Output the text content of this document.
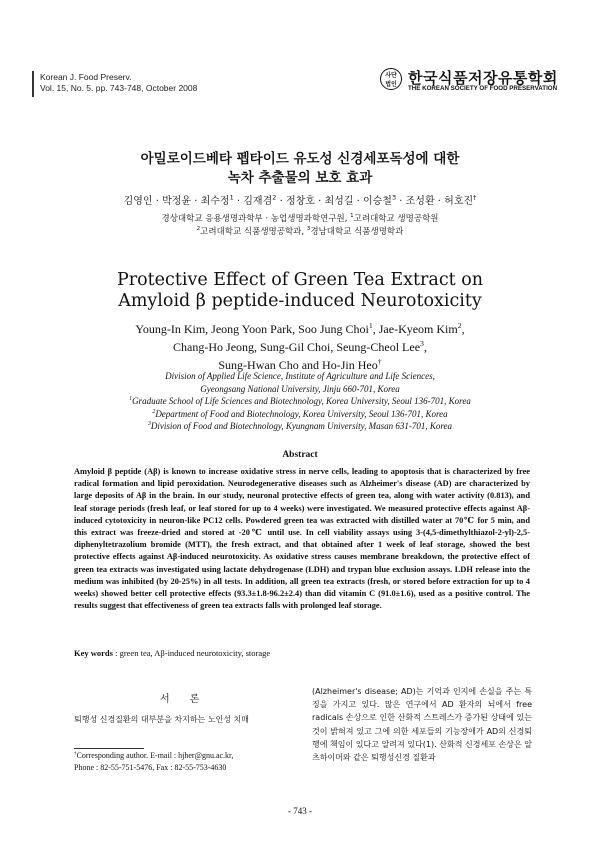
Korean J. Food Preserv.
Vol. 15, No. 5. pp. 743-748, October 2008
사단
법인 한국식품저장유통학회
THE KOREAN SOCIETY OF FOOD PRESERVATION
아밀로이드베타 펩타이드 유도성 신경세포독성에 대한
녹차 추출물의 보호 효과
김영인 · 박정윤 · 최수정$^1$ · 김재겸$^2$ · 정창호 · 최성길 · 이승철$^3$ · 조성환 · 허호진†
경상대학교 응용생명과학부 · 농업생명과학연구원, $^1$고려대학교 생명공학원
$^2$고려대학교 식품생명공학과, $^3$경남대학교 식품생명학과
Protective Effect of Green Tea Extract on
Amyloid β peptide-induced Neurotoxicity
Young-In Kim, Jeong Yoon Park, Soo Jung Choi$^1$, Jae-Kyeom Kim$^2$,
Chang-Ho Jeong, Sung-Gil Choi, Seung-Cheol Lee$^3$,
Sung-Hwan Cho and Ho-Jin Heo†
Division of Applied Life Science, Institute of Agriculture and Life Sciences,
Gyeongsang National University, Jinju 660-701, Korea
$^1$Graduate School of Life Sciences and Biotechnology, Korea University, Seoul 136-701, Korea
$^2$Department of Food and Biotechnology, Korea University, Seoul 136-701, Korea
$^3$Division of Food and Biotechnology, Kyungnam University, Masan 631-701, Korea
Abstract
Amyloid β peptide (Aβ) is known to increase oxidative stress in nerve cells, leading to apoptosis that is characterized by free radical formation and lipid peroxidation. Neurodegenerative diseases such as Alzheimer's disease (AD) are characterized by large deposits of Aβ in the brain. In our study, neuronal protective effects of green tea, along with water activity (0.813), and leaf storage periods (fresh leaf, or leaf stored for up to 4 weeks) were investigated. We measured protective effects against Aβ-induced cytotoxicity in neuron-like PC12 cells. Powdered green tea was extracted with distilled water at 70℃ for 5 min, and this extract was freeze-dried and stored at -20℃ until use. In cell viability assays using 3-(4,5-dimethylthiazol-2-yl)-2,5-diphenyltetrazolium bromide (MTT), the fresh extract, and that obtained after 1 week of leaf storage, showed the best protective effects against Aβ-induced neurotoxicity. As oxidative stress causes membrane breakdown, the protective effect of green tea extracts was investigated using lactate dehydrogenase (LDH) and trypan blue exclusion assays. LDH release into the medium was inhibited (by 20-25%) in all tests. In addition, all green tea extracts (fresh, or stored before extraction for up to 4 weeks) showed better cell protective effects (93.3±1.8-96.2±2.4) than did vitamin C (91.0±1.6), used as a positive control. The results suggest that effectiveness of green tea extracts falls with prolonged leaf storage.
Key words : green tea, Aβ-induced neurotoxicity, storage
서론
퇴행성 신경질환의 대부분을 차지하는 노인성 치매
(Alzheimer's disease; AD)는 기억과 인지에 손실을 주는 특징을 가지고 있다. 많은 연구에서 AD 환자의 뇌에서 free radicals 손상으로 인한 산화적 스트레스가 증가된 상태에 있는 것이 밝혀져 있고 그에 의한 세포들의 기능장애가 AD의 신경퇴행에 책임이 있다고 알려져 있다(1). 산화적 신경세포 손상은 알츠하이머와 같은 퇴행성신경 질환과
†Corresponding author. E-mail : hjher@gnu.ac.kr,
Phone : 82-55-751-5476, Fax : 82-55-753-4630
- 743 -
